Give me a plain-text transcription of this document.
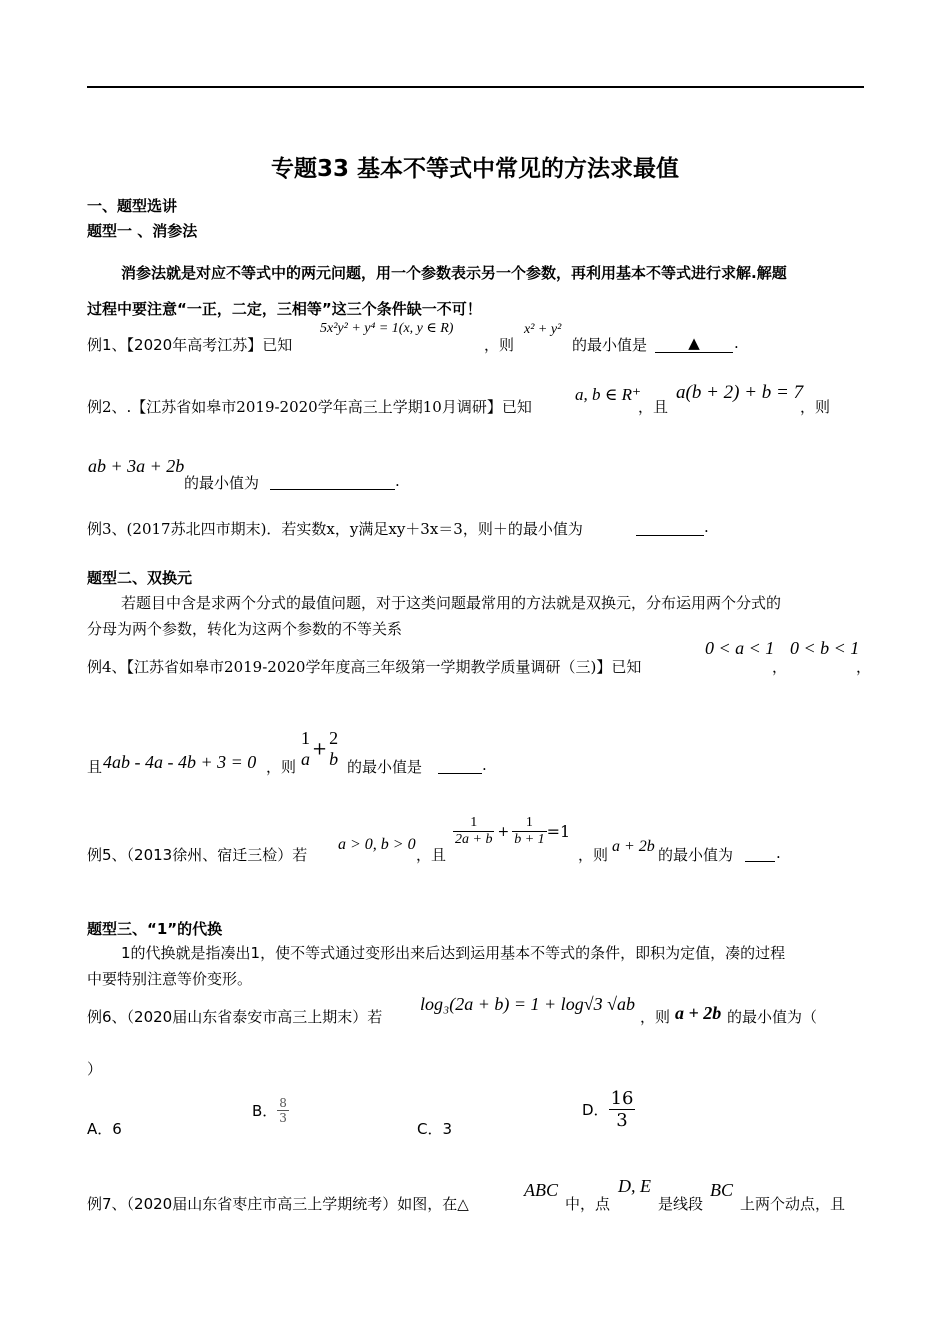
专题33 基本不等式中常见的方法求最值
一、题型选讲
题型一 、消参法
消参法就是对应不等式中的两元问题，用一个参数表示另一个参数，再利用基本不等式进行求解.解题
过程中要注意“一正，二定，三相等”这三个条件缺一不可！
例1、【2020年高考江苏】已知
5x²y² + y⁴ = 1(x, y ∈ R)
，则
x² + y²
的最小值是	▲	.
例2、.【江苏省如皋市2019-2020学年高三上学期10月调研】已知
a, b ∈ R⁺
，且
a(b + 2) + b = 7
，则
ab + 3a + 2b
的最小值为	.
例3、(2017苏北四市期末)．若实数x，y满足xy＋3x＝3，则＋的最小值为	.
题型二、双换元
若题目中含是求两个分式的最值问题，对于这类问题最常用的方法就是双换元，分布运用两个分式的
分母为两个参数，转化为这两个参数的不等关系
例4、【江苏省如皋市2019-2020学年度高三年级第一学期教学质量调研（三)】已知
0 < a < 1
，
0 < b < 1
，
且 4ab - 4a - 4b + 3 = 0 ，则
1
a +
2
b 的最小值是	.
例5、（2013徐州、宿迁三检）若
a > 0, b > 0
，且
$\frac{1}{2a + b} + \frac{1}{b + 1} =1$
，则 a + 2b 的最小值为	.
题型三、“1”的代换
1的代换就是指凑出1，使不等式通过变形出来后达到运用基本不等式的条件，即积为定值，凑的过程
中要特别注意等价变形。
例6、（2020届山东省泰安市高三上期末）若
log₃(2a + b) = 1 + log√3 √ab
，则 a + 2b 的最小值为（
）
A．6
B． $\frac{8}{3}$
C．3
D． $\frac{16}{3}$
例7、（2020届山东省枣庄市高三上学期统考）如图，在△
ABC
中，点
D, E
是线段
BC
上两个动点，且
